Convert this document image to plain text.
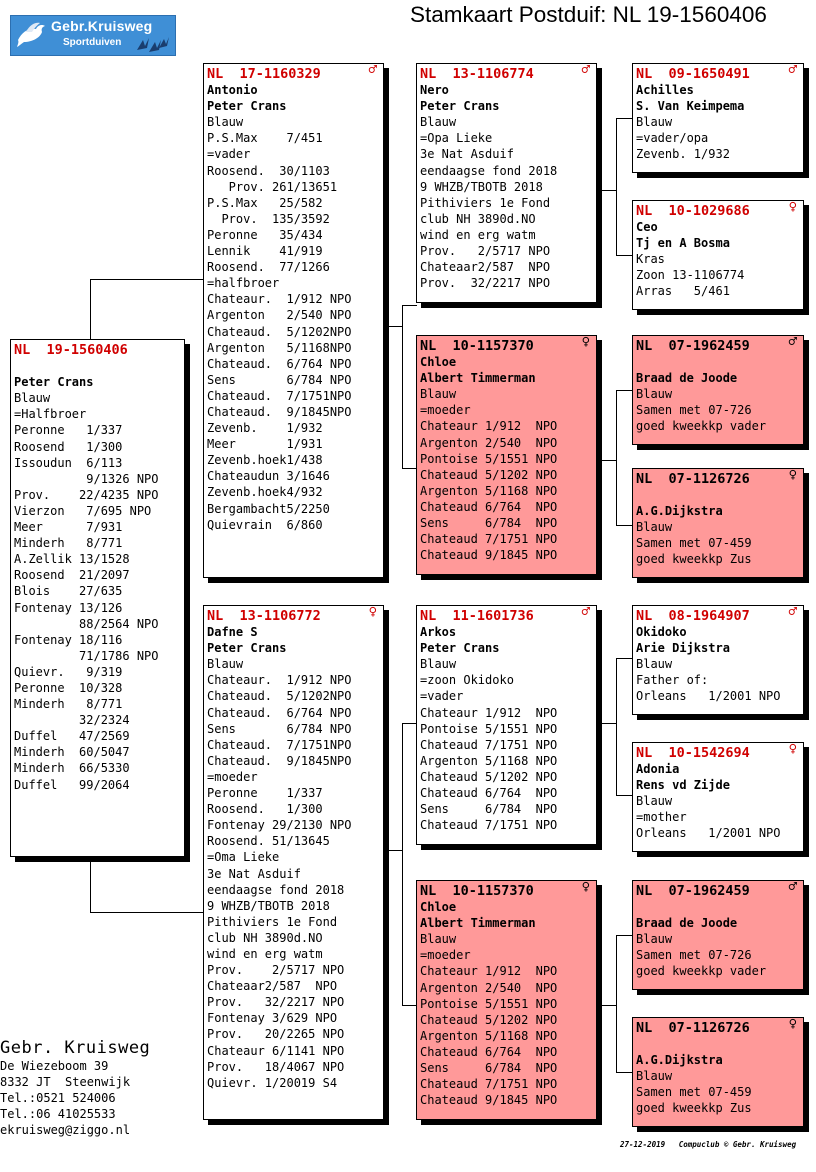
Gebr.Kruisweg
Sportduiven
Stamkaart Postduif: NL 19-1560406
NL  19-1560406
Peter Crans
Blauw
=Halfbroer
Peronne   1/337
Roosend   1/300
Issoudun  6/113
9/1326 NPO
Prov.    22/4235 NPO
Vierzon   7/695 NPO
Meer      7/931
Minderh   8/771
A.Zellik 13/1528
Roosend  21/2097
Blois    27/635
Fontenay 13/126
88/2564 NPO
Fontenay 18/116
71/1786 NPO
Quievr.   9/319
Peronne  10/328
Minderh   8/771
32/2324
Duffel   47/2569
Minderh  60/5047
Minderh  66/5330
Duffel   99/2064
♂
NL  17-1160329
Antonio
Peter Crans
Blauw
P.S.Max    7/451
=vader
Roosend.  30/1103
Prov. 261/13651
P.S.Max   25/582
Prov.  135/3592
Peronne   35/434
Lennik    41/919
Roosend.  77/1266
=halfbroer
Chateaur.  1/912 NPO
Argenton   2/540 NPO
Chateaud.  5/1202NPO
Argenton   5/1168NPO
Chateaud.  6/764 NPO
Sens       6/784 NPO
Chateaud.  7/1751NPO
Chateaud.  9/1845NPO
Zevenb.    1/932
Meer       1/931
Zevenb.hoek1/438
Chateaudun 3/1646
Zevenb.hoek4/932
Bergambacht5/2250
Quievrain  6/860
♀
NL  13-1106772
Dafne S
Peter Crans
Blauw
Chateaur.  1/912 NPO
Chateaud.  5/1202NPO
Chateaud.  6/764 NPO
Sens       6/784 NPO
Chateaud.  7/1751NPO
Chateaud.  9/1845NPO
=moeder
Peronne    1/337
Roosend.   1/300
Fontenay 29/2130 NPO
Roosend. 51/13645
=Oma Lieke
3e Nat Asduif
eendaagse fond 2018
9 WHZB/TBOTB 2018
Pithiviers 1e Fond
club NH 3890d.NO
wind en erg watm
Prov.    2/5717 NPO
Chateaar2/587  NPO
Prov.   32/2217 NPO
Fontenay 3/629 NPO
Prov.   20/2265 NPO
Chateaur 6/1141 NPO
Prov.   18/4067 NPO
Quievr. 1/20019 S4
♂
NL  13-1106774
Nero
Peter Crans
Blauw
=Opa Lieke
3e Nat Asduif
eendaagse fond 2018
9 WHZB/TBOTB 2018
Pithiviers 1e Fond
club NH 3890d.NO
wind en erg watm
Prov.   2/5717 NPO
Chateaar2/587  NPO
Prov.  32/2217 NPO
♀
NL  10-1157370
Chloe
Albert Timmerman
Blauw
=moeder
Chateaur 1/912  NPO
Argenton 2/540  NPO
Pontoise 5/1551 NPO
Chateaud 5/1202 NPO
Argenton 5/1168 NPO
Chateaud 6/764  NPO
Sens     6/784  NPO
Chateaud 7/1751 NPO
Chateaud 9/1845 NPO
♂
NL  11-1601736
Arkos
Peter Crans
Blauw
=zoon Okidoko
=vader
Chateaur 1/912  NPO
Pontoise 5/1551 NPO
Chateaud 7/1751 NPO
Argenton 5/1168 NPO
Chateaud 5/1202 NPO
Chateaud 6/764  NPO
Sens     6/784  NPO
Chateaud 7/1751 NPO
♀
NL  10-1157370
Chloe
Albert Timmerman
Blauw
=moeder
Chateaur 1/912  NPO
Argenton 2/540  NPO
Pontoise 5/1551 NPO
Chateaud 5/1202 NPO
Argenton 5/1168 NPO
Chateaud 6/764  NPO
Sens     6/784  NPO
Chateaud 7/1751 NPO
Chateaud 9/1845 NPO
♂
NL  09-1650491
Achilles
S. Van Keimpema
Blauw
=vader/opa
Zevenb. 1/932
♀
NL  10-1029686
Ceo
Tj en A Bosma
Kras
Zoon 13-1106774
Arras   5/461
♂
NL  07-1962459
Braad de Joode
Blauw
Samen met 07-726
goed kweekkp vader
♀
NL  07-1126726
A.G.Dijkstra
Blauw
Samen met 07-459
goed kweekkp Zus
♂
NL  08-1964907
Okidoko
Arie Dijkstra
Blauw
Father of:
Orleans   1/2001 NPO
♀
NL  10-1542694
Adonia
Rens vd Zijde
Blauw
=mother
Orleans   1/2001 NPO
♂
NL  07-1962459
Braad de Joode
Blauw
Samen met 07-726
goed kweekkp vader
♀
NL  07-1126726
A.G.Dijkstra
Blauw
Samen met 07-459
goed kweekkp Zus
Gebr. Kruisweg
De Wiezeboom 39
8332 JT  Steenwijk
Tel.:0521 524006
Tel.:06 41025533
ekruisweg@ziggo.nl
27-12-2019 Compuclub © Gebr. Kruisweg
